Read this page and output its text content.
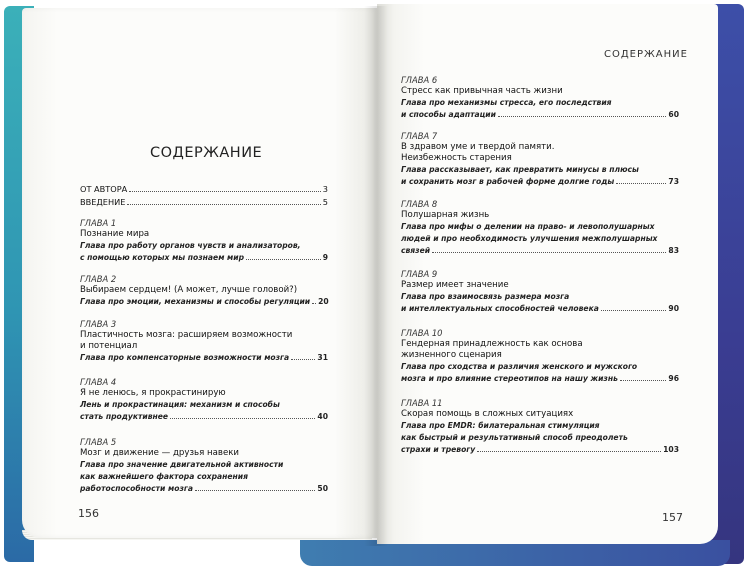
СОДЕРЖАНИЕ
ОТ АВТОРА	3
ВВЕДЕНИЕ	5
ГЛАВА 1
Познание мира
Глава про работу органов чувств и анализаторов,
с помощью которых мы познаем мир	9
ГЛАВА 2
Выбираем сердцем! (А может, лучше головой?)
Глава про эмоции, механизмы и способы регуляции 20
ГЛАВА 3
Пластичность мозга: расширяем возможности
и потенциал
Глава про компенсаторные возможности мозга	31
ГЛАВА 4
Я не ленюсь, я прокрастинирую
Лень и прокрастинация: механизм и способы
стать продуктивнее	40
ГЛАВА 5
Мозг и движение — друзья навеки
Глава про значение двигательной активности
как важнейшего фактора сохранения
работоспособности мозга	50
ГЛАВА 6
Стресс как привычная часть жизни
Глава про механизмы стресса, его последствия
и способы адаптации	60
ГЛАВА 7
В здравом уме и твердой памяти.
Неизбежность старения
Глава рассказывает, как превратить минусы в плюсы
и сохранить мозг в рабочей форме долгие годы	73
ГЛАВА 8
Полушарная жизнь
Глава про мифы о делении на право- и левополушарных
людей и про необходимость улучшения межполушарных
связей	83
ГЛАВА 9
Размер имеет значение
Глава про взаимосвязь размера мозга
и интеллектуальных способностей человека	90
ГЛАВА 10
Гендерная принадлежность как основа
жизненного сценария
Глава про сходства и различия женского и мужского
мозга и про влияние стереотипов на нашу жизнь	96
ГЛАВА 11
Скорая помощь в сложных ситуациях
Глава про EMDR: билатеральная стимуляция
как быстрый и результативный способ преодолеть
страхи и тревогу	103
156
СОДЕРЖАНИЕ
157
